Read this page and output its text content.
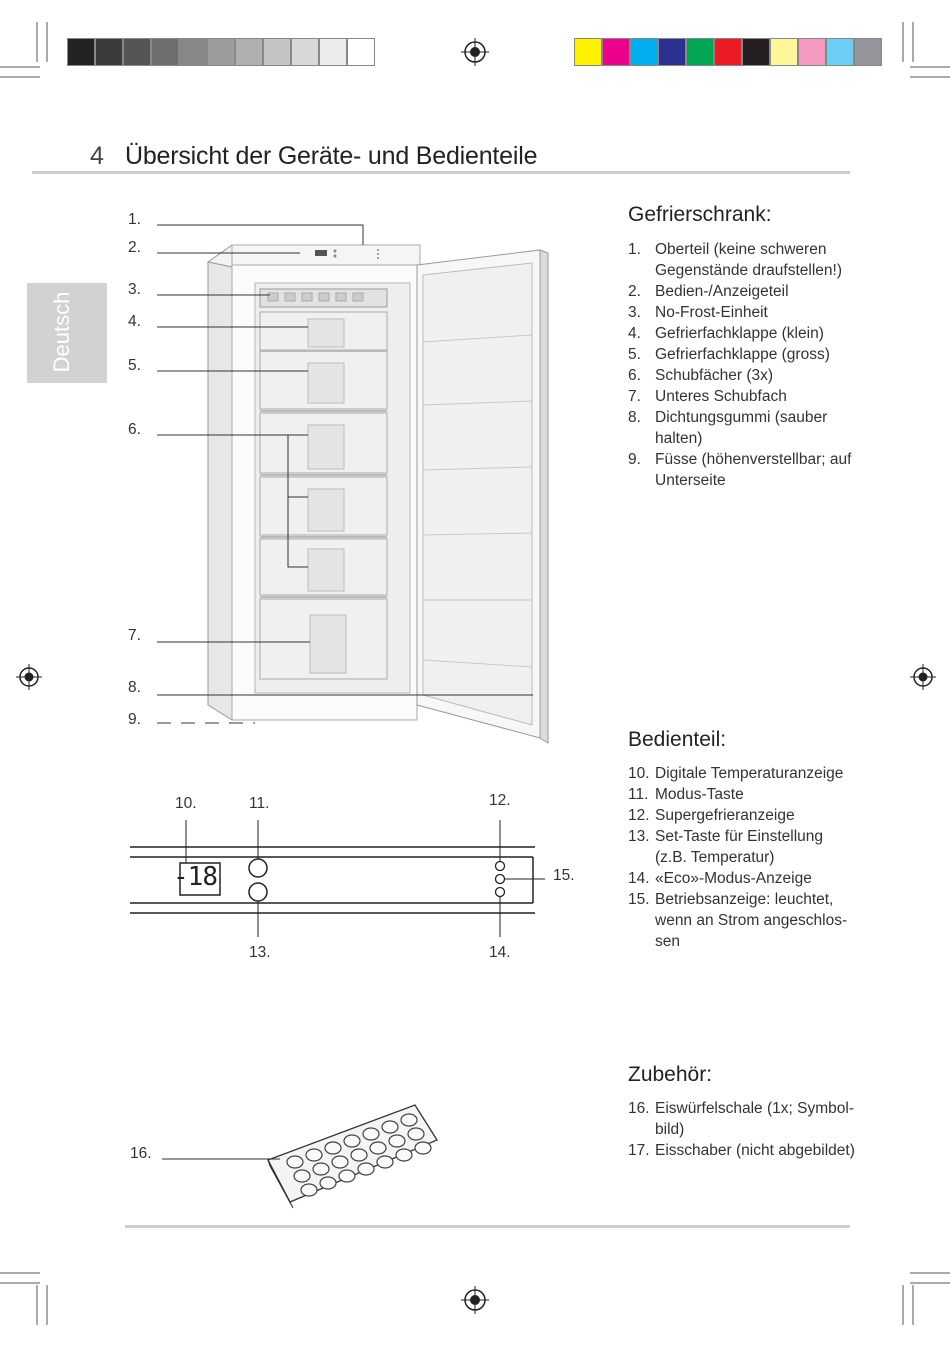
4 Übersicht der Geräte- und Bedienteile
Deutsch
1.
2.
3.
4.
5.
6.
7.
8.
9.
-18
10.	11.	12.
13.	14.
15.
16.
Gefrierschrank:
1. Oberteil (keine schweren Gegenstände draufstellen!)
2. Bedien-/Anzeigeteil
3. No-Frost-Einheit
4. Gefrierfachklappe (klein)
5. Gefrierfachklappe (gross)
6. Schubfächer (3x)
7. Unteres Schubfach
8. Dichtungsgummi (sauber halten)
9. Füsse (höhenverstellbar; auf Unterseite
Bedienteil:
10. Digitale Temperaturanzeige
11. Modus-Taste
12. Supergefrieranzeige
13. Set-Taste für Einstellung (z.B. Temperatur)
14. «Eco»-Modus-Anzeige
15. Betriebsanzeige: leuchtet, wenn an Strom angeschlos-sen
Zubehör:
16. Eiswürfelschale (1x; Symbol-bild)
17. Eisschaber (nicht abgebildet)
